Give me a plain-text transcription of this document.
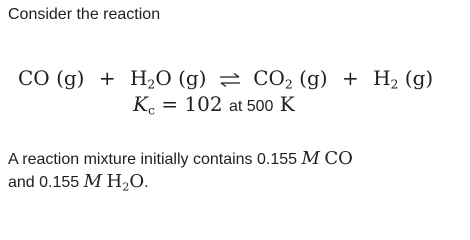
Consider the reaction
CO $(g) + H_2O$ (g) ⇌ $CO_2$ $(g) + H_2$ (g)
$K_c = 102$ at 500 K
A reaction mixture initially contains 0.155 M CO
and 0.155 M $H_2O$.
